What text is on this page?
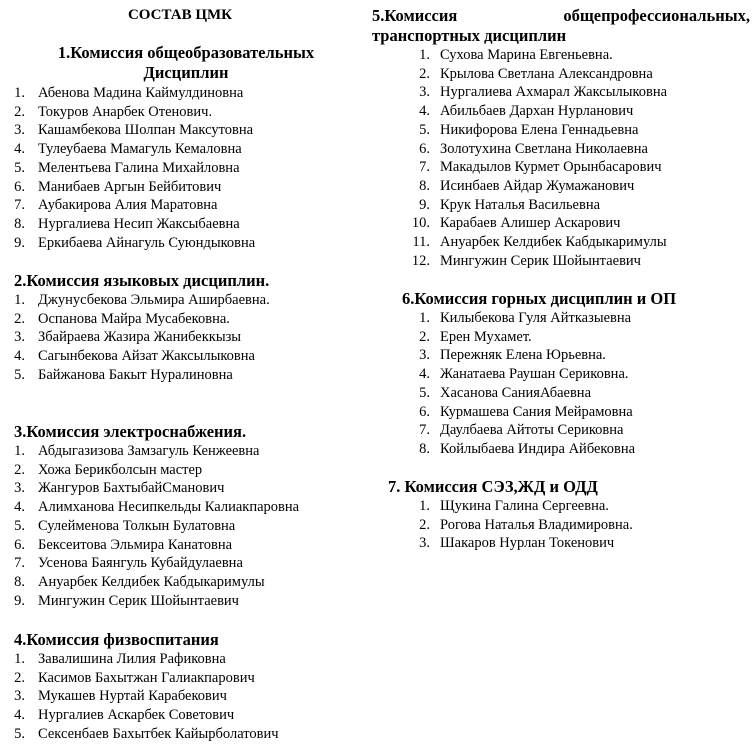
СОСТАВ ЦМК
1.Комиссия общеобразовательных Дисциплин
1. Абенова Мадина Каймулдиновна
2. Токуров Анарбек Отенович.
3. Кашамбекова Шолпан Максутовна
4. Тулеубаева Мамагуль Кемаловна
5. Мелентьева Галина Михайловна
6. Манибаев Аргын Бейбитович
7. Аубакирова Алия Маратовна
8. Нургалиева Несип Жаксыбаевна
9. Еркибаева Айнагуль Суюндыковна
2.Комиссия языковых дисциплин.
1. Джунусбекова Эльмира Аширбаевна.
2. Оспанова Майра Мусабековна.
3. Збайраева Жазира Жанибеккызы
4. Сагынбекова Айзат Жаксылыковна
5. Байжанова Бакыт Нуралиновна
3.Комиссия электроснабжения.
1. Абдыгазизова Замзагуль Кенжеевна
2. Хожа Берикболсын мастер
3. Жангуров БахтыбайСманович
4. Алимханова Несипкельды Калиакпаровна
5. Сулейменова Толкын Булатовна
6. Бексеитова Эльмира Канатовна
7. Усенова Баянгуль Кубайдулаевна
8. Ануарбек Келдибек Кабдыкаримулы
9. Мингужин Серик Шойынтаевич
4.Комиссия физвоспитания
1. Завалишина Лилия Рафиковна
2. Касимов Бахытжан Галиакпарович
3. Мукашев Нуртай Карабекович
4. Нургалиев Аскарбек Советович
5. Сексенбаев Бахытбек Кайырболатович
5.Комиссия	общепрофессиональных,
транспортных дисциплин
1. Сухова Марина Евгеньевна.
2. Крылова Светлана Александровна
3. Нургалиева Ахмарал Жаксылыковна
4. Абильбаев Дархан Нурланович
5. Никифорова Елена Геннадьевна
6. Золотухина Светлана Николаевна
7. Макадылов Курмет Орынбасарович
8. Исинбаев Айдар Жумажанович
9. Крук Наталья Васильевна
10. Карабаев Алишер Аскарович
11. Ануарбек Келдибек Кабдыкаримулы
12. Мингужин Серик Шойынтаевич
6.Комиссия горных дисциплин и ОП
1. Килыбекова Гуля Айтказыевна
2. Ерен Мухамет.
3. Пережняк Елена Юрьевна.
4. Жанатаева Раушан Сериковна.
5. Хасанова СанияАбаевна
6. Курмашева Сания Мейрамовна
7. Даулбаева Айтоты Сериковна
8. Койлыбаева Индира Айбековна
7. Комиссия СЭЗ,ЖД и ОДД
1. Щукина Галина Сергеевна.
2. Рогова Наталья Владимировна.
3. Шакаров Нурлан Токенович
